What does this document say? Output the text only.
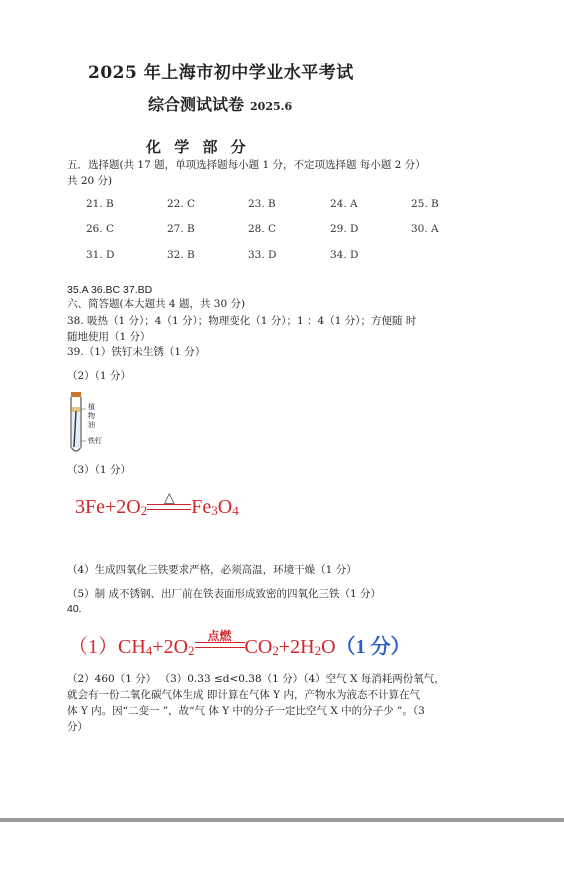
2025 年上海市初中学业水平考试
综合测试试卷 2025.6
化 学 部 分
五．选择题(共 17 题，单项选择题每小题 1 分，不定项选择题 每小题 2 分）
共 20 分)
21. B	22. C	23. B	24. A	25. B
26. C	27. B	28. C	29. D	30. A
31. D	32. B	33. D	34. D
35.A 36.BC 37.BD
六、简答题(本大题共 4 题，共 30 分)
38. 吸热（1 分）；4（1 分）；物理变化（1 分）；1 ：4（1 分）；方便随 时
随地使用（1 分）
39.（1）铁钉未生锈（1 分）
（2）（1 分）
植
物
油
铁钉
（3）（1 分）
$3Fe+2O_2$
△ $Fe_3O_4$
（4）生成四氧化三铁要求严格，必须高温，环境干燥（1 分）
（5）制 成不锈钢、出厂前在铁表面形成致密的四氧化三铁（1 分）
40.
$(1)CH_4+2O_2$
点燃 $CO_2+2H_2O(1$ 分）
（2）460（1 分） （3）0.33 ≤d<0.38（1 分）（4）空气 X 每消耗两份氧气，
就会有一份二氧化碳气体生成 即计算在气体 Y 内，产物水为液态不计算在气
体 Y 内。因“二变一 ”，故“气 体 Y 中的分子一定比空气 X 中的分子少 ”。（3
分）
